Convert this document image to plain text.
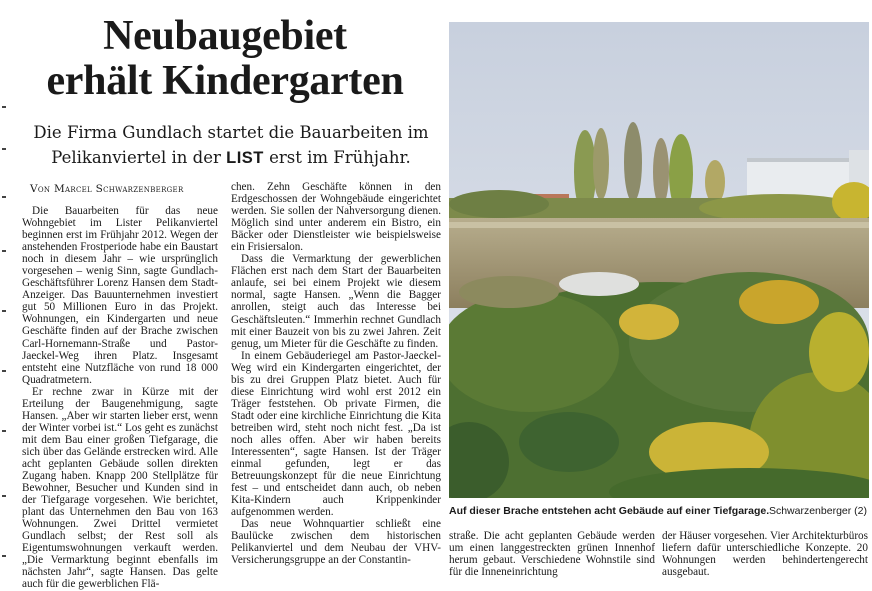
Neubaugebiet
erhält Kindergarten

Die Firma Gundlach startet die Bauarbeiten im Pelikanviertel in der LIST erst im Frühjahr.

Von Marcel Schwarzenberger

Die Bauarbeiten für das neue Wohngebiet im Lister Pelikanviertel beginnen erst im Frühjahr 2012. Wegen der anstehenden Frostperiode habe ein Baustart noch in diesem Jahr – wie ursprünglich vorgesehen – wenig Sinn, sagte Gundlach-Geschäftsführer Lorenz Hansen dem Stadt-Anzeiger. Das Bauunternehmen investiert gut 50 Millionen Euro in das Projekt. Wohnungen, ein Kindergarten und neue Geschäfte finden auf der Brache zwischen Carl-Hornemann-Straße und Pastor-Jaeckel-Weg ihren Platz. Insgesamt entsteht eine Nutzfläche von rund 18 000 Quadratmetern.

Er rechne zwar in Kürze mit der Erteilung der Baugenehmigung, sagte Hansen. „Aber wir starten lieber erst, wenn der Winter vorbei ist.“ Los geht es zunächst mit dem Bau einer großen Tiefgarage, die sich über das Gelände erstrecken wird. Alle acht geplanten Gebäude sollen direkten Zugang haben. Knapp 200 Stellplätze für Bewohner, Besucher und Kunden sind in der Tiefgarage vorgesehen. Wie berichtet, plant das Unternehmen den Bau von 163 Wohnungen. Zwei Drittel vermietet Gundlach selbst; der Rest soll als Eigentumswohnungen verkauft werden. „Die Vermarktung beginnt ebenfalls im nächsten Jahr“, sagte Hansen. Das gelte auch für die gewerblichen Flä-

chen. Zehn Geschäfte können in den Erdgeschossen der Wohngebäude eingerichtet werden. Sie sollen der Nahversorgung dienen. Möglich sind unter anderem ein Bistro, ein Bäcker oder Dienstleister wie beispielsweise ein Frisiersalon.

Dass die Vermarktung der gewerblichen Flächen erst nach dem Start der Bauarbeiten anlaufe, sei bei einem Projekt wie diesem normal, sagte Hansen. „Wenn die Bagger anrollen, steigt auch das Interesse bei Geschäftsleuten.“ Immerhin rechnet Gundlach mit einer Bauzeit von bis zu zwei Jahren. Zeit genug, um Mieter für die Geschäfte zu finden.

In einem Gebäuderiegel am Pastor-Jaeckel-Weg wird ein Kindergarten eingerichtet, der bis zu drei Gruppen Platz bietet. Auch für diese Einrichtung wird wohl erst 2012 ein Träger feststehen. Ob private Firmen, die Stadt oder eine kirchliche Einrichtung die Kita betreiben wird, steht noch nicht fest. „Da ist noch alles offen. Aber wir haben bereits Interessenten“, sagte Hansen. Ist der Träger einmal gefunden, legt er das Betreuungskonzept für die neue Einrichtung fest – und entscheidet dann auch, ob neben Kita-Kindern auch Krippenkinder aufgenommen werden.

Das neue Wohnquartier schließt eine Baulücke zwischen dem historischen Pelikanviertel und dem Neubau der VHV-Versicherungsgruppe an der Constantin-

Auf dieser Brache entstehen acht Gebäude auf einer Tiefgarage. Schwarzenberger (2)

straße. Die acht geplanten Gebäude werden um einen langgestreckten grünen Innenhof herum gebaut. Verschiedene Wohnstile sind für die Inneneinrichtung

der Häuser vorgesehen. Vier Architekturbüros liefern dafür unterschiedliche Konzepte. 20 Wohnungen werden behindertengerecht ausgebaut.
